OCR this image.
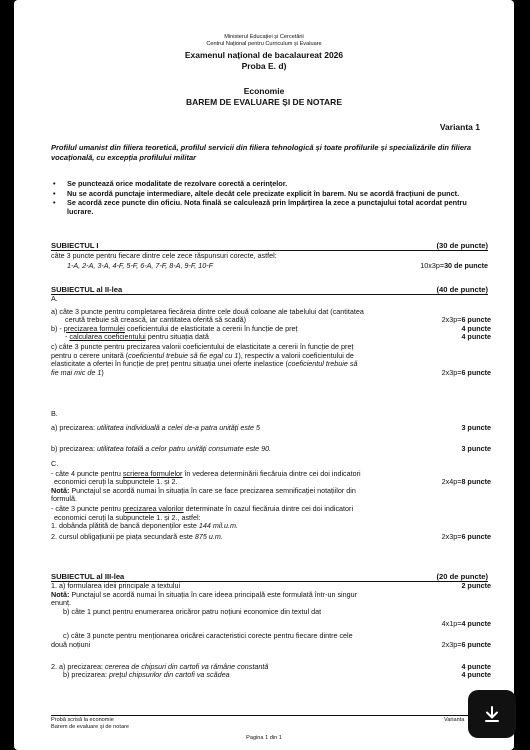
Ministerul Educației și Cercetării
Centrul Național pentru Curriculum și Evaluare
Examenul național de bacalaureat 2026
Proba E. d)
Economie
BAREM DE EVALUARE ȘI DE NOTARE
Varianta 1
Profilul umanist din filiera teoretică, profilul servicii din filiera tehnologică și toate profilurile și specializările din filiera vocațională, cu excepția profilului militar
• Se punctează orice modalitate de rezolvare corectă a cerințelor.
• Nu se acordă punctaje intermediare, altele decât cele precizate explicit în barem. Nu se acordă fracțiuni de punct.
• Se acordă zece puncte din oficiu. Nota finală se calculează prin împărțirea la zece a punctajului total acordat pentru lucrare.
SUBIECTUL I	(30 de puncte)
câte 3 puncte pentru fiecare dintre cele zece răspunsuri corecte, astfel:
1-A, 2-A, 3-A, 4-F, 5-F, 6-A, 7-F, 8-A, 9-F, 10-F	10x3p=30 de puncte
SUBIECTUL al II-lea	(40 de puncte)
A.
a) câte 3 puncte pentru completarea fiecăreia dintre cele două coloane ale tabelului dat (cantitatea
cerută trebuie să crească, iar cantitatea oferită să scadă)	2x3p=6 puncte
b) - precizarea formulei coeficientului de elasticitate a cererii în funcție de preț	4 puncte
- calcularea coeficientului pentru situația dată	4 puncte
c) câte 3 puncte pentru precizarea valorii coeficientului de elasticitate a cererii în funcție de preț
pentru o cerere unitară (coeficientul trebuie să fie egal cu 1), respectiv a valorii coeficientului de
elasticitate a ofertei în funcție de preț pentru situația unei oferte inelastice (coeficientul trebuie să
fie mai mic de 1)	2x3p=6 puncte
B.
a) precizarea: utilitatea individuală a celei de-a patra unități este 5	3 puncte
b) precizarea: utilitatea totală a celor patru unități consumate este 90.	3 puncte
C.
- câte 4 puncte pentru scrierea formulelor în vederea determinării fiecăruia dintre cei doi indicatori
economici ceruți la subpunctele 1. și 2.	2x4p=8 puncte
Notă: Punctajul se acordă numai în situația în care se face precizarea semnificației notațiilor din
formulă.
- câte 3 puncte pentru precizarea valorilor determinate în cazul fiecăruia dintre cei doi indicatori
economici ceruți la subpunctele 1. și 2., astfel:
1. dobânda plătită de bancă deponenților este 144 mil.u.m.
2. cursul obligațiunii pe piața secundară este 875 u.m.	2x3p=6 puncte
SUBIECTUL al III-lea	(20 de puncte)
1. a) formularea ideii principale a textului	2 puncte
Notă: Punctajul se acordă numai în situația în care ideea principală este formulată într-un singur
enunț.
b) câte 1 punct pentru enumerarea oricăror patru noțiuni economice din textul dat
4x1p=4 puncte
c) câte 3 puncte pentru menționarea oricărei caracteristici corecte pentru fiecare dintre cele
două noțiuni	2x3p=6 puncte
2. a) precizarea: cererea de chipsuri din cartofi va rămâne constantă	4 puncte
b) precizarea: prețul chipsurilor din cartofi va scădea	4 puncte
Probă scrisă la economie
Barem de evaluare și de notare
Varianta
Pagina 1 din 1
